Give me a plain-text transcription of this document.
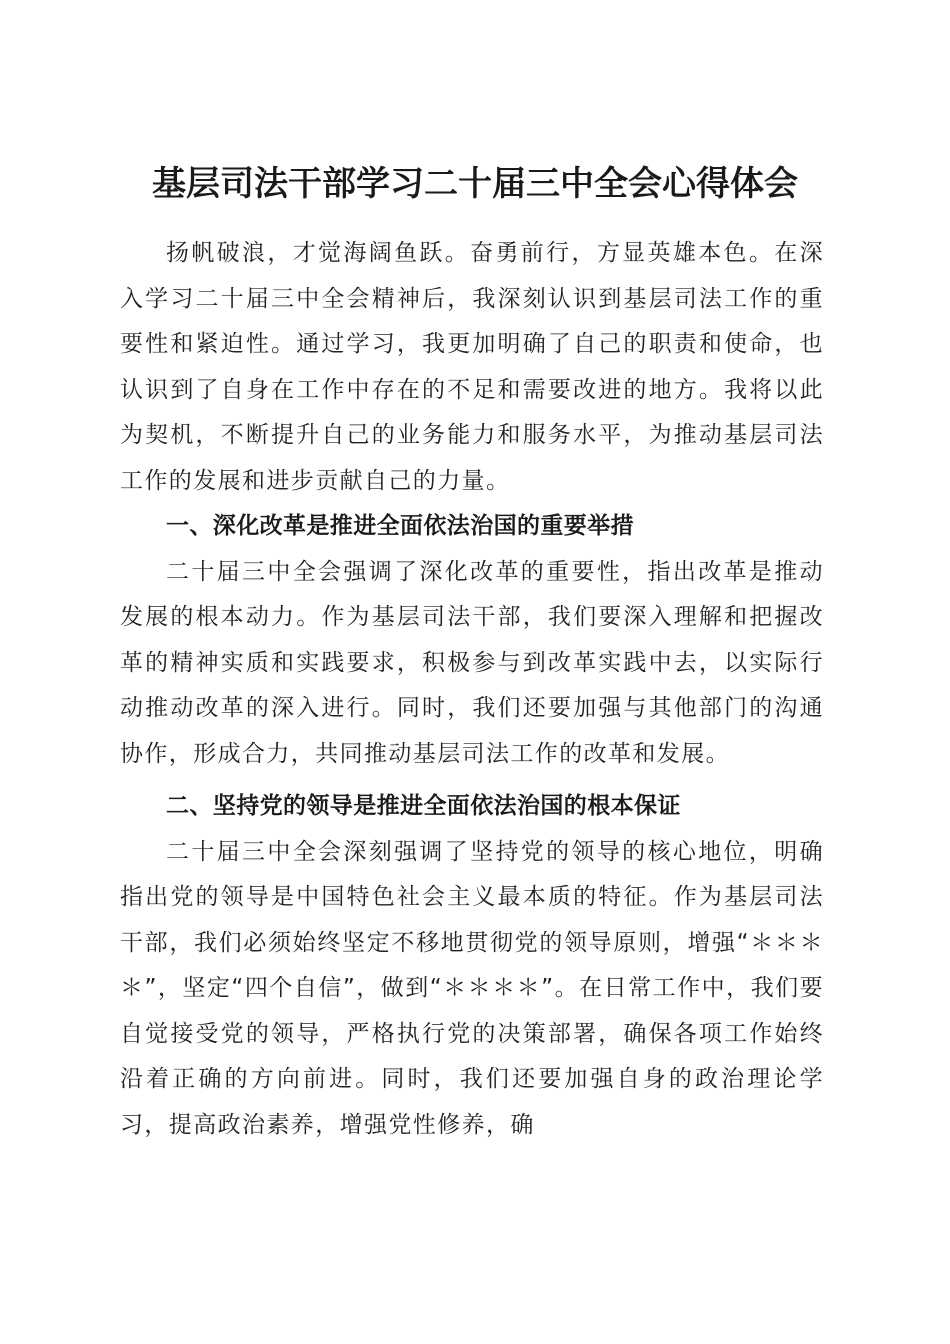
基层司法干部学习二十届三中全会心得体会

扬帆破浪，才觉海阔鱼跃。奋勇前行，方显英雄本色。在深入学习二十届三中全会精神后，我深刻认识到基层司法工作的重要性和紧迫性。通过学习，我更加明确了自己的职责和使命，也认识到了自身在工作中存在的不足和需要改进的地方。我将以此为契机，不断提升自己的业务能力和服务水平，为推动基层司法工作的发展和进步贡献自己的力量。

一、深化改革是推进全面依法治国的重要举措

二十届三中全会强调了深化改革的重要性，指出改革是推动发展的根本动力。作为基层司法干部，我们要深入理解和把握改革的精神实质和实践要求，积极参与到改革实践中去，以实际行动推动改革的深入进行。同时，我们还要加强与其他部门的沟通协作，形成合力，共同推动基层司法工作的改革和发展。

二、坚持党的领导是推进全面依法治国的根本保证

二十届三中全会深刻强调了坚持党的领导的核心地位，明确指出党的领导是中国特色社会主义最本质的特征。作为基层司法干部，我们必须始终坚定不移地贯彻党的领导原则，增强“＊＊＊＊”，坚定“四个自信”，做到“＊＊＊＊”。在日常工作中，我们要自觉接受党的领导，严格执行党的决策部署，确保各项工作始终沿着正确的方向前进。同时，我们还要加强自身的政治理论学习，提高政治素养，增强党性修养，确
